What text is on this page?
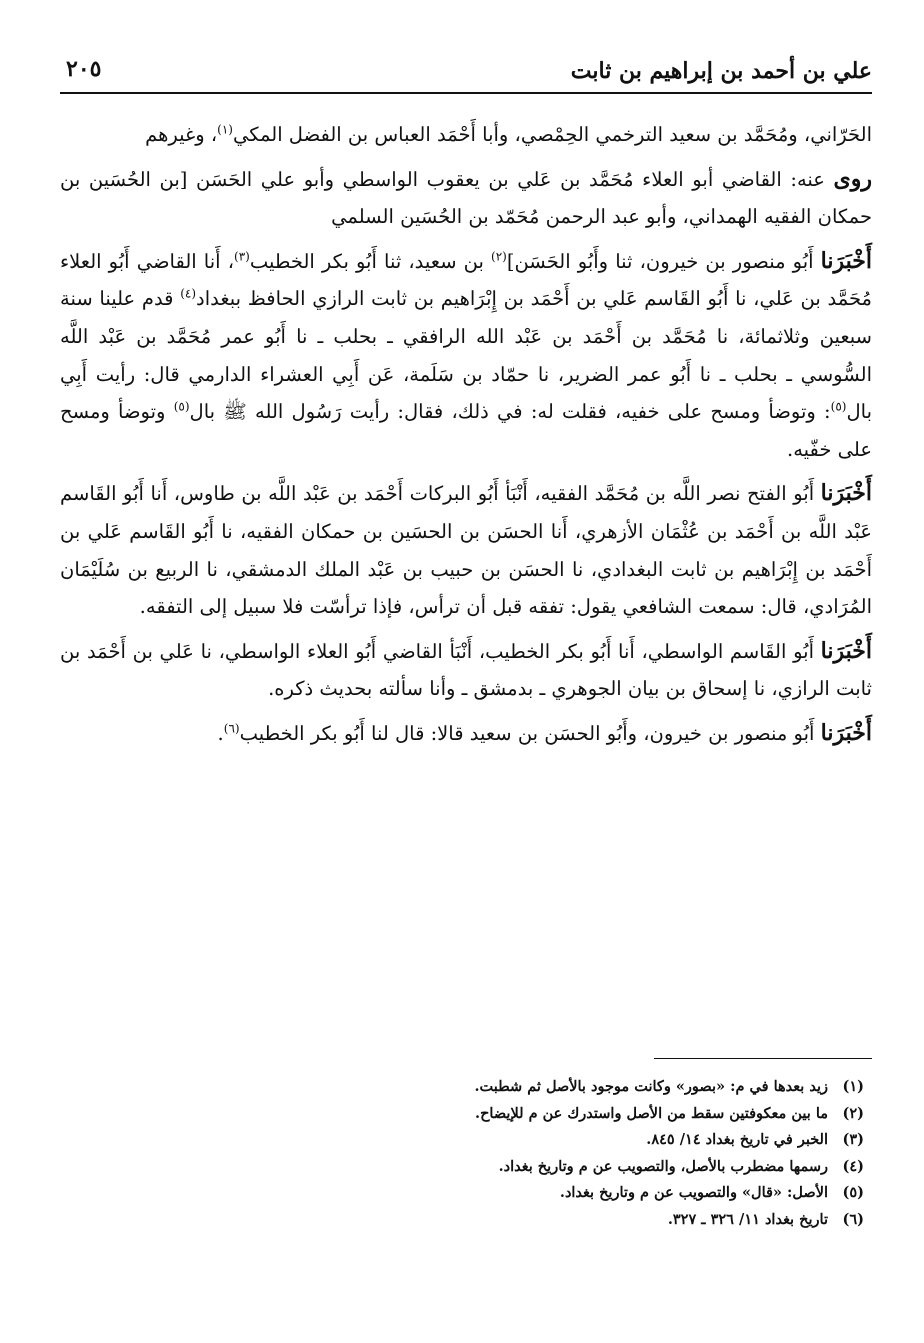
علي بن أحمد بن إبراهيم بن ثابت
٢٠٥

الحَرّاني، ومُحَمَّد بن سعيد الترخمي الحِمْصي، وأبا أَحْمَد العباس بن الفضل المكي$^{(١)}$، وغيرهم

روى عنه: القاضي أبو العلاء مُحَمَّد بن عَلي بن يعقوب الواسطي وأبو علي الحَسَن [بن الحُسَين بن حمكان الفقيه الهمداني، وأبو عبد الرحمن مُحَمّد بن الحُسَين السلمي

أَخْبَرَنا أَبُو منصور بن خيرون، ثنا وأَبُو الحَسَن]$^{(٢)}$ بن سعيد، ثنا أَبُو بكر الخطيب$^{(٣)}$، أَنا القاضي أَبُو العلاء مُحَمَّد بن عَلي، نا أَبُو القَاسم عَلي بن أَحْمَد بن إِبْرَاهيم بن ثابت الرازي الحافظ ببغداد$^{(٤)}$ قدم علينا سنة سبعين وثلاثمائة، نا مُحَمَّد بن أَحْمَد بن عَبْد الله الرافقي ـ بحلب ـ نا أَبُو عمر مُحَمَّد بن عَبْد اللَّه السُّوسي ـ بحلب ـ نا أَبُو عمر الضرير، نا حمّاد بن سَلَمة، عَن أَبِي العشراء الدارمي قال: رأيت أَبِي بال$^{(٥)}$: وتوضأ ومسح على خفيه، فقلت له: في ذلك، فقال: رأيت رَسُول الله ﷺ بال$^{(٥)}$ وتوضأ ومسح على خفّيه.

أَخْبَرَنا أَبُو الفتح نصر اللَّه بن مُحَمَّد الفقيه، أَنْبَأ أَبُو البركات أَحْمَد بن عَبْد اللَّه بن طاوس، أَنا أَبُو القَاسم عَبْد اللَّه بن أَحْمَد بن عُثْمَان الأزهري، أَنا الحسَن بن الحسَين بن حمكان الفقيه، نا أَبُو القَاسم عَلي بن أَحْمَد بن إِبْرَاهيم بن ثابت البغدادي، نا الحسَن بن حبيب بن عَبْد الملك الدمشقي، نا الربيع بن سُلَيْمَان المُرَادي، قال: سمعت الشافعي يقول: تفقه قبل أن ترأس، فإذا ترأسّت فلا سبيل إلى التفقه.

أَخْبَرَنا أَبُو القَاسم الواسطي، أَنا أَبُو بكر الخطيب، أَنْبَأ القاضي أَبُو العلاء الواسطي، نا عَلي بن أَحْمَد بن ثابت الرازي، نا إسحاق بن بيان الجوهري ـ بدمشق ـ وأنا سألته بحديث ذكره.

أَخْبَرَنا أَبُو منصور بن خيرون، وأَبُو الحسَن بن سعيد قالا: قال لنا أَبُو بكر الخطيب$^{(٦)}$.

(١)زيد بعدها في م: «بصور» وكانت موجود بالأصل ثم شطبت.
(٢)ما بين معكوفتين سقط من الأصل واستدرك عن م للإيضاح.
(٣)الخبر في تاريخ بغداد ١٤/ ٨٤٥.
(٤)رسمها مضطرب بالأصل، والتصويب عن م وتاريخ بغداد.
(٥)الأصل: «قال» والتصويب عن م وتاريخ بغداد.
(٦)تاريخ بغداد ١١/ ٣٢٦ ـ ٣٢٧.
